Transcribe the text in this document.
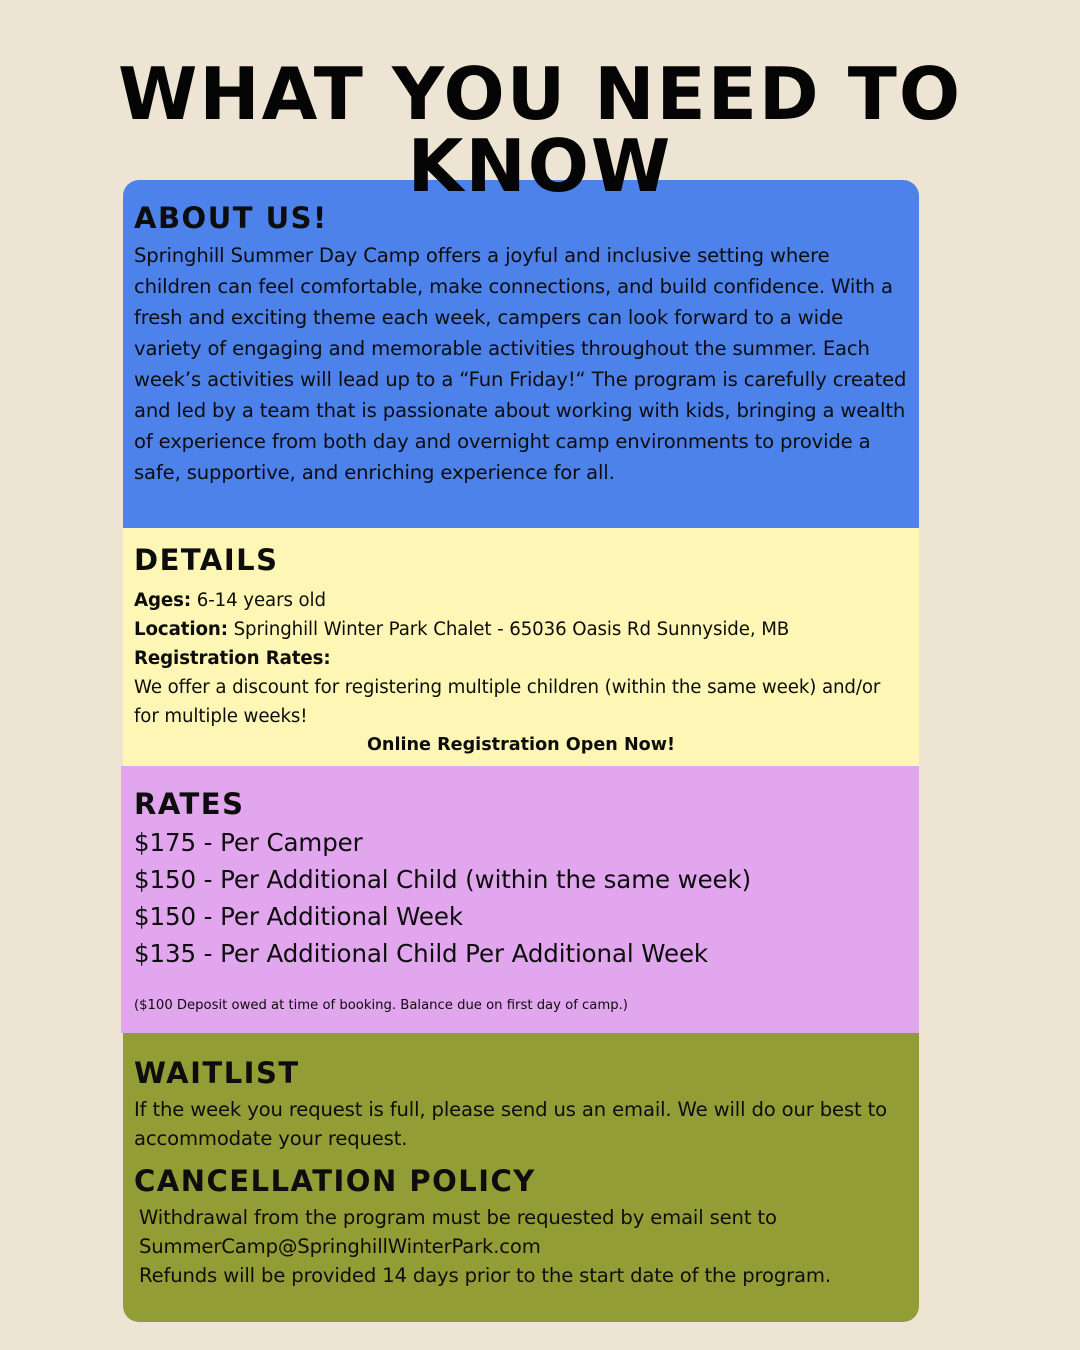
WHAT YOU NEED TO
KNOW
ABOUT US!
Springhill Summer Day Camp offers a joyful and inclusive setting where children can feel comfortable, make connections, and build confidence. With a fresh and exciting theme each week, campers can look forward to a wide variety of engaging and memorable activities throughout the summer. Each week’s activities will lead up to a “Fun Friday!“ The program is carefully created and led by a team that is passionate about working with kids, bringing a wealth of experience from both day and overnight camp environments to provide a safe, supportive, and enriching experience for all.
DETAILS
Ages: 6-14 years old
Location: Springhill Winter Park Chalet - 65036 Oasis Rd Sunnyside, MB
Registration Rates:
We offer a discount for registering multiple children (within the same week) and/or for multiple weeks!
Online Registration Open Now!
RATES
$175 - Per Camper
$150 - Per Additional Child (within the same week)
$150 - Per Additional Week
$135 - Per Additional Child Per Additional Week
($100 Deposit owed at time of booking. Balance due on first day of camp.)
WAITLIST
If the week you request is full, please send us an email. We will do our best to accommodate your request.
CANCELLATION POLICY
Withdrawal from the program must be requested by email sent to
SummerCamp@SpringhillWinterPark.com
Refunds will be provided 14 days prior to the start date of the program.
